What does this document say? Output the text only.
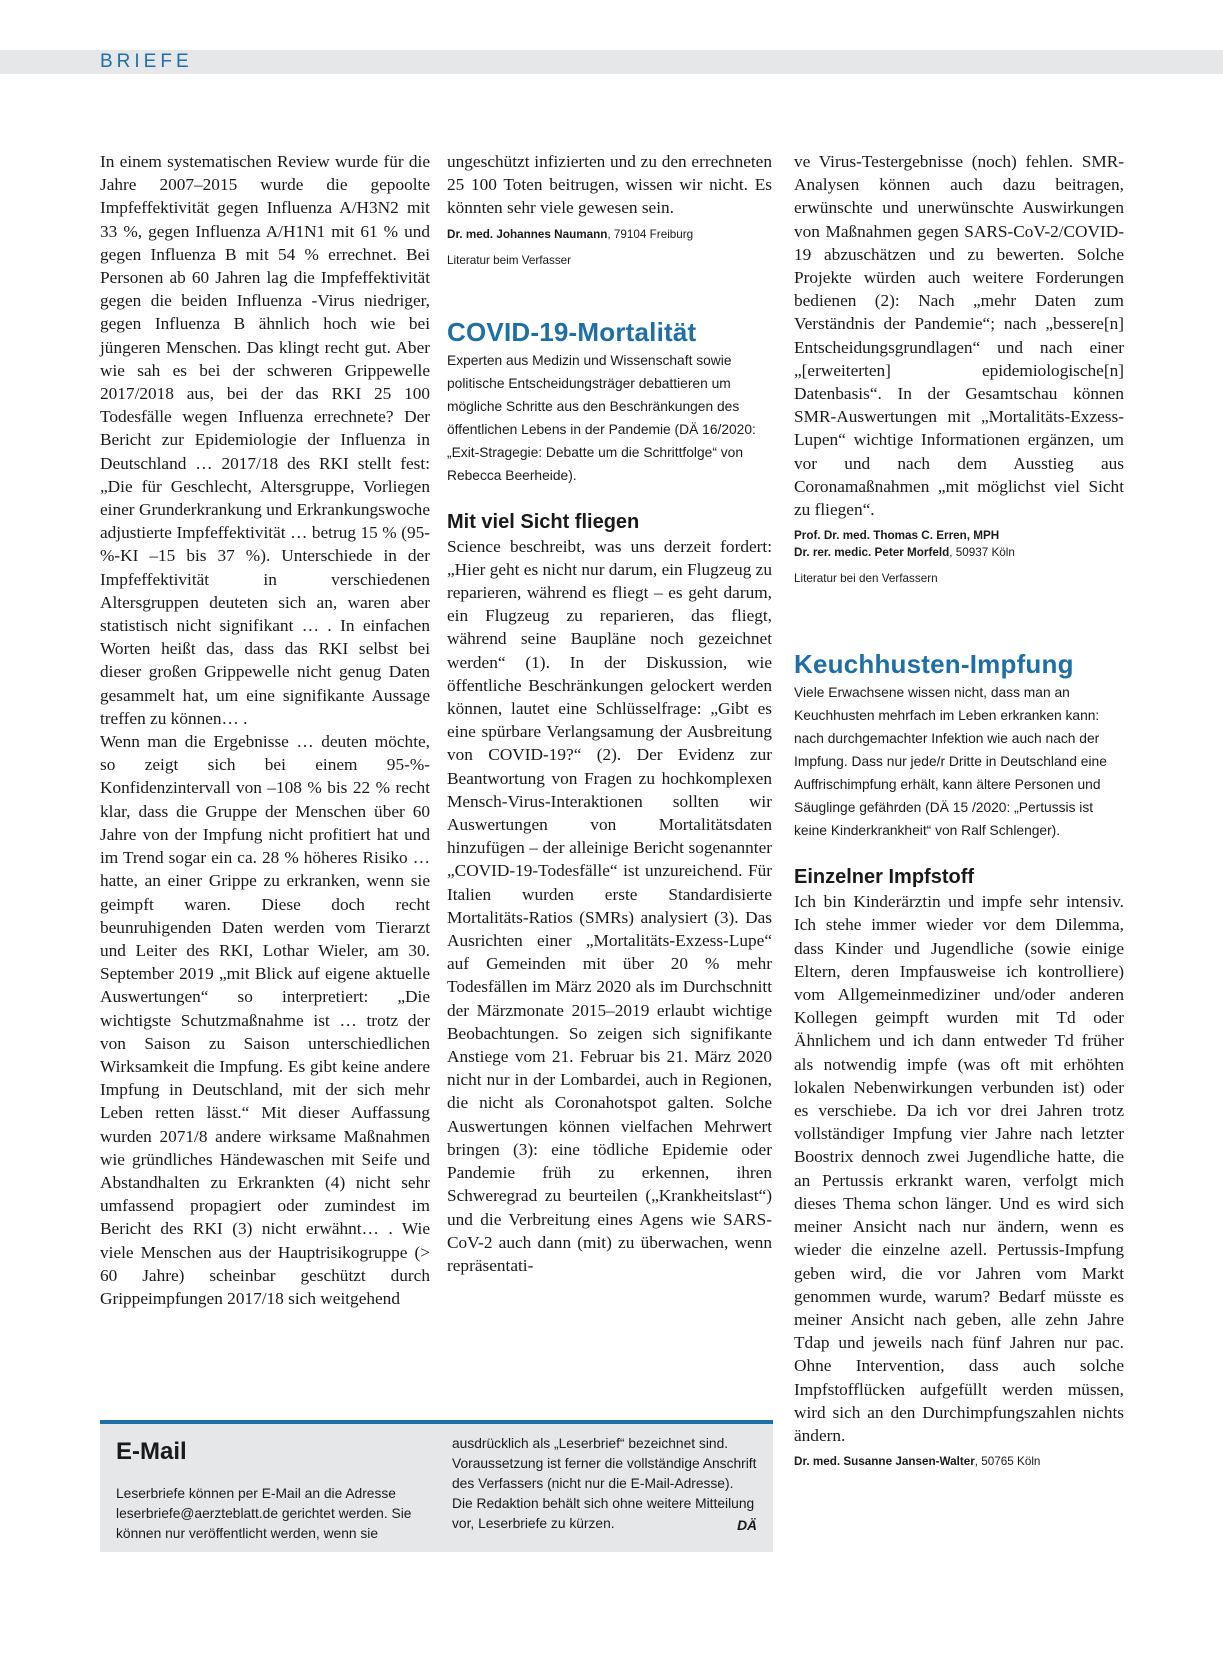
BRIEFE

In einem systematischen Review wurde für die Jahre 2007–2015 wurde die gepoolte Impfeffektivität gegen Influenza A/H3N2 mit 33 %, gegen Influenza A/H1N1 mit 61 % und gegen Influenza B mit 54 % errechnet. Bei Personen ab 60 Jahren lag die Impfeffektivität gegen die beiden Influenza -Virus niedriger, gegen Influenza B ähnlich hoch wie bei jüngeren Menschen. Das klingt recht gut. Aber wie sah es bei der schweren Grippewelle 2017/2018 aus, bei der das RKI 25 100 Todesfälle wegen Influenza errechnete? Der Bericht zur Epidemiologie der Influenza in Deutschland … 2017/18 des RKI stellt fest: „Die für Geschlecht, Altersgruppe, Vorliegen einer Grunderkrankung und Erkrankungswoche adjustierte Impfeffektivität … betrug 15 % (95-%-KI –15 bis 37 %). Unterschiede in der Impfeffektivität in verschiedenen Altersgruppen deuteten sich an, waren aber statistisch nicht signifikant … . In einfachen Worten heißt das, dass das RKI selbst bei dieser großen Grippewelle nicht genug Daten gesammelt hat, um eine signifikante Aussage treffen zu können… .

Wenn man die Ergebnisse … deuten möchte, so zeigt sich bei einem 95-%-Konfidenzintervall von –108 % bis 22 % recht klar, dass die Gruppe der Menschen über 60 Jahre von der Impfung nicht profitiert hat und im Trend sogar ein ca. 28 % höheres Risiko … hatte, an einer Grippe zu erkranken, wenn sie geimpft waren. Diese doch recht beunruhigenden Daten werden vom Tierarzt und Leiter des RKI, Lothar Wieler, am 30. September 2019 „mit Blick auf eigene aktuelle Auswertungen“ so interpretiert: „Die wichtigste Schutzmaßnahme ist … trotz der von Saison zu Saison unterschiedlichen Wirksamkeit die Impfung. Es gibt keine andere Impfung in Deutschland, mit der sich mehr Leben retten lässt.“ Mit dieser Auffassung wurden 2071/8 andere wirksame Maßnahmen wie gründliches Händewaschen mit Seife und Abstandhalten zu Erkrankten (4) nicht sehr umfassend propagiert oder zumindest im Bericht des RKI (3) nicht erwähnt… . Wie viele Menschen aus der Hauptrisikogruppe (> 60 Jahre) scheinbar geschützt durch Grippeimpfungen 2017/18 sich weitgehend

ungeschützt infizierten und zu den errechneten 25 100 Toten beitrugen, wissen wir nicht. Es könnten sehr viele gewesen sein.

Dr. med. Johannes Naumann, 79104 Freiburg

Literatur beim Verfasser

COVID-19-Mortalität

Experten aus Medizin und Wissenschaft sowie politische Entscheidungsträger debattieren um mögliche Schritte aus den Beschränkungen des öffentlichen Lebens in der Pandemie (DÄ 16/2020: „Exit-Stragegie: Debatte um die Schrittfolge“ von Rebecca Beerheide).

Mit viel Sicht fliegen

Science beschreibt, was uns derzeit fordert: „Hier geht es nicht nur darum, ein Flugzeug zu reparieren, während es fliegt – es geht darum, ein Flugzeug zu reparieren, das fliegt, während seine Baupläne noch gezeichnet werden“ (1). In der Diskussion, wie öffentliche Beschränkungen gelockert werden können, lautet eine Schlüsselfrage: „Gibt es eine spürbare Verlangsamung der Ausbreitung von COVID-19?“ (2). Der Evidenz zur Beantwortung von Fragen zu hochkomplexen Mensch-Virus-Interaktionen sollten wir Auswertungen von Mortalitätsdaten hinzufügen – der alleinige Bericht sogenannter „COVID-19-Todesfälle“ ist unzureichend. Für Italien wurden erste Standardisierte Mortalitäts-Ratios (SMRs) analysiert (3). Das Ausrichten einer „Mortalitäts-Exzess-Lupe“ auf Gemeinden mit über 20 % mehr Todesfällen im März 2020 als im Durchschnitt der Märzmonate 2015–2019 erlaubt wichtige Beobachtungen. So zeigen sich signifikante Anstiege vom 21. Februar bis 21. März 2020 nicht nur in der Lombardei, auch in Regionen, die nicht als Coronahotspot galten. Solche Auswertungen können vielfachen Mehrwert bringen (3): eine tödliche Epidemie oder Pandemie früh zu erkennen, ihren Schweregrad zu beurteilen („Krankheitslast“) und die Verbreitung eines Agens wie SARS-CoV-2 auch dann (mit) zu überwachen, wenn repräsentati-

ve Virus-Testergebnisse (noch) fehlen. SMR-Analysen können auch dazu beitragen, erwünschte und unerwünschte Auswirkungen von Maßnahmen gegen SARS-CoV-2/COVID-19 abzuschätzen und zu bewerten. Solche Projekte würden auch weitere Forderungen bedienen (2): Nach „mehr Daten zum Verständnis der Pandemie“; nach „bessere[n] Entscheidungsgrundlagen“ und nach einer „[erweiterten] epidemiologische[n] Datenbasis“. In der Gesamtschau können SMR-Auswertungen mit „Mortalitäts-Exzess-Lupen“ wichtige Informationen ergänzen, um vor und nach dem Ausstieg aus Coronamaßnahmen „mit möglichst viel Sicht zu fliegen“.

Prof. Dr. med. Thomas C. Erren, MPH
Dr. rer. medic. Peter Morfeld, 50937 Köln

Literatur bei den Verfassern

Keuchhusten-Impfung

Viele Erwachsene wissen nicht, dass man an Keuchhusten mehrfach im Leben erkranken kann: nach durchgemachter Infektion wie auch nach der Impfung. Dass nur jede/r Dritte in Deutschland eine Auffrischimpfung erhält, kann ältere Personen und Säuglinge gefährden (DÄ 15 /2020: „Pertussis ist keine Kinderkrankheit“ von Ralf Schlenger).

Einzelner Impfstoff

Ich bin Kinderärztin und impfe sehr intensiv. Ich stehe immer wieder vor dem Dilemma, dass Kinder und Jugendliche (sowie einige Eltern, deren Impfausweise ich kontrolliere) vom Allgemeinmediziner und/oder anderen Kollegen geimpft wurden mit Td oder Ähnlichem und ich dann entweder Td früher als notwendig impfe (was oft mit erhöhten lokalen Nebenwirkungen verbunden ist) oder es verschiebe. Da ich vor drei Jahren trotz vollständiger Impfung vier Jahre nach letzter Boostrix dennoch zwei Jugendliche hatte, die an Pertussis erkrankt waren, verfolgt mich dieses Thema schon länger. Und es wird sich meiner Ansicht nach nur ändern, wenn es wieder die einzelne azell. Pertussis-Impfung geben wird, die vor Jahren vom Markt genommen wurde, warum? Bedarf müsste es meiner Ansicht nach geben, alle zehn Jahre Tdap und jeweils nach fünf Jahren nur pac. Ohne Intervention, dass auch solche Impfstofflücken aufgefüllt werden müssen, wird sich an den Durchimpfungszahlen nichts ändern.

Dr. med. Susanne Jansen-Walter, 50765 Köln

E-Mail

Leserbriefe können per E-Mail an die Adresse leserbriefe@aerzteblatt.de gerichtet werden. Sie können nur veröffentlicht werden, wenn sie

ausdrücklich als „Leserbrief“ bezeichnet sind. Voraussetzung ist ferner die vollständige Anschrift des Verfassers (nicht nur die E-Mail-Adresse). Die Redaktion behält sich ohne weitere Mitteilung vor, Leserbriefe zu kürzen.	DÄ
